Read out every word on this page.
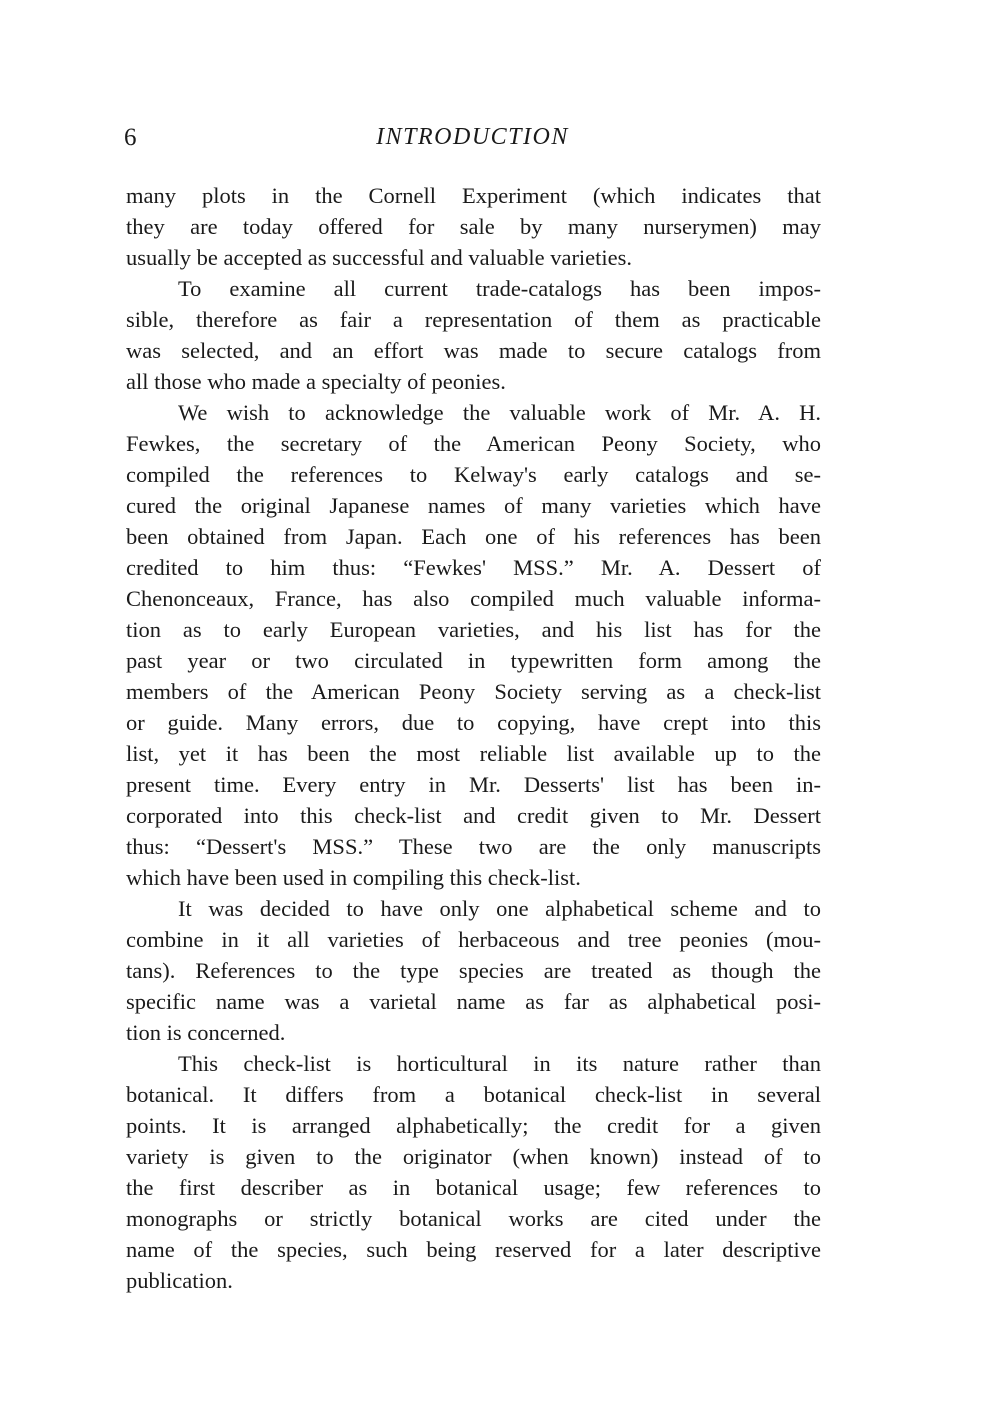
6	INTRODUCTION
many plots in the Cornell Experiment (which indicates that
they are today offered for sale by many nurserymen) may
usually be accepted as successful and valuable varieties.
To examine all current trade-catalogs has been impos-
sible, therefore as fair a representation of them as practicable
was selected, and an effort was made to secure catalogs from
all those who made a specialty of peonies.
We wish to acknowledge the valuable work of Mr. A. H.
Fewkes, the secretary of the American Peony Society, who
compiled the references to Kelway's early catalogs and se-
cured the original Japanese names of many varieties which have
been obtained from Japan. Each one of his references has been
credited to him thus: “Fewkes' MSS.” Mr. A. Dessert of
Chenonceaux, France, has also compiled much valuable informa-
tion as to early European varieties, and his list has for the
past year or two circulated in typewritten form among the
members of the American Peony Society serving as a check-list
or guide. Many errors, due to copying, have crept into this
list, yet it has been the most reliable list available up to the
present time. Every entry in Mr. Desserts' list has been in-
corporated into this check-list and credit given to Mr. Dessert
thus: “Dessert's MSS.” These two are the only manuscripts
which have been used in compiling this check-list.
It was decided to have only one alphabetical scheme and to
combine in it all varieties of herbaceous and tree peonies (mou-
tans). References to the type species are treated as though the
specific name was a varietal name as far as alphabetical posi-
tion is concerned.
This check-list is horticultural in its nature rather than
botanical. It differs from a botanical check-list in several
points. It is arranged alphabetically; the credit for a given
variety is given to the originator (when known) instead of to
the first describer as in botanical usage; few references to
monographs or strictly botanical works are cited under the
name of the species, such being reserved for a later descriptive
publication.
